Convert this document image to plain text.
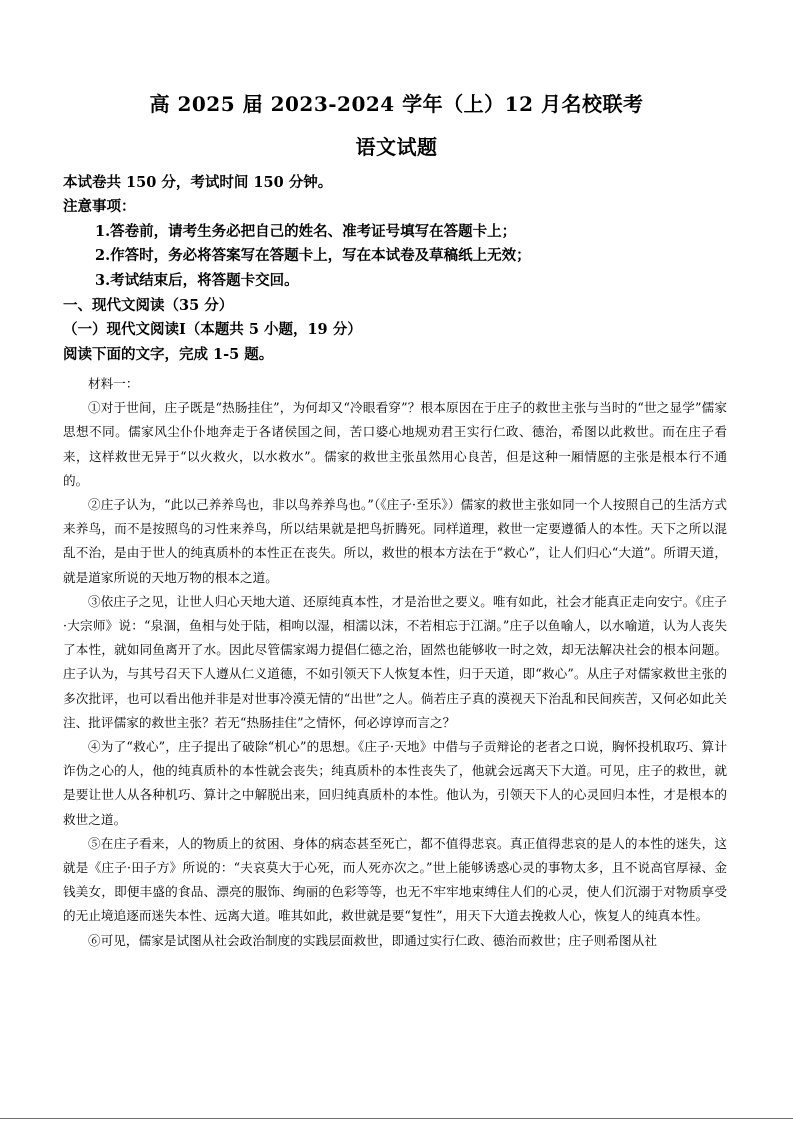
高 2025 届 2023-2024 学年（上）12 月名校联考
语文试题
本试卷共 150 分，考试时间 150 分钟。
注意事项：
1.答卷前，请考生务必把自己的姓名、准考证号填写在答题卡上；
2.作答时，务必将答案写在答题卡上，写在本试卷及草稿纸上无效；
3.考试结束后，将答题卡交回。
一、现代文阅读（35 分）
（一）现代文阅读Ⅰ（本题共 5 小题，19 分）
阅读下面的文字，完成 1-5 题。

材料一：

①对于世间，庄子既是“热肠挂住”，为何却又“冷眼看穿”？根本原因在于庄子的救世主张与当时的“世之显学”儒家思想不同。儒家风尘仆仆地奔走于各诸侯国之间，苦口婆心地规劝君王实行仁政、德治，希图以此救世。而在庄子看来，这样救世无异于“以火救火，以水救水”。儒家的救世主张虽然用心良苦，但是这种一厢情愿的主张是根本行不通的。

②庄子认为，“此以己养养鸟也，非以鸟养养鸟也。”（《庄子·至乐》）儒家的救世主张如同一个人按照自己的生活方式来养鸟，而不是按照鸟的习性来养鸟，所以结果就是把鸟折腾死。同样道理，救世一定要遵循人的本性。天下之所以混乱不治，是由于世人的纯真质朴的本性正在丧失。所以，救世的根本方法在于“救心”，让人们归心“大道”。所谓天道，就是道家所说的天地万物的根本之道。

③依庄子之见，让世人归心天地大道、还原纯真本性，才是治世之要义。唯有如此，社会才能真正走向安宁。《庄子·大宗师》说：“泉涸，鱼相与处于陆，相呴以湿，相濡以沫，不若相忘于江湖。”庄子以鱼喻人，以水喻道，认为人丧失了本性，就如同鱼离开了水。因此尽管儒家竭力提倡仁德之治，固然也能够收一时之效，却无法解决社会的根本问题。庄子认为，与其号召天下人遵从仁义道德，不如引领天下人恢复本性，归于天道，即“救心”。从庄子对儒家救世主张的多次批评，也可以看出他并非是对世事冷漠无情的“出世”之人。倘若庄子真的漠视天下治乱和民间疾苦，又何必如此关注、批评儒家的救世主张？若无“热肠挂住”之情怀，何必谆谆而言之？

④为了“救心”，庄子提出了破除“机心”的思想。《庄子·天地》中借与子贡辩论的老者之口说，胸怀投机取巧、算计诈伪之心的人，他的纯真质朴的本性就会丧失；纯真质朴的本性丧失了，他就会远离天下大道。可见，庄子的救世，就是要让世人从各种机巧、算计之中解脱出来，回归纯真质朴的本性。他认为，引领天下人的心灵回归本性，才是根本的救世之道。

⑤在庄子看来，人的物质上的贫困、身体的病态甚至死亡，都不值得悲哀。真正值得悲哀的是人的本性的迷失，这就是《庄子·田子方》所说的：“夫哀莫大于心死，而人死亦次之。”世上能够诱惑心灵的事物太多，且不说高官厚禄、金钱美女，即便丰盛的食品、漂亮的服饰、绚丽的色彩等等，也无不牢牢地束缚住人们的心灵，使人们沉溺于对物质享受的无止境追逐而迷失本性、远离大道。唯其如此，救世就是要“复性”，用天下大道去挽救人心，恢复人的纯真本性。

⑥可见，儒家是试图从社会政治制度的实践层面救世，即通过实行仁政、德治而救世；庄子则希图从社
